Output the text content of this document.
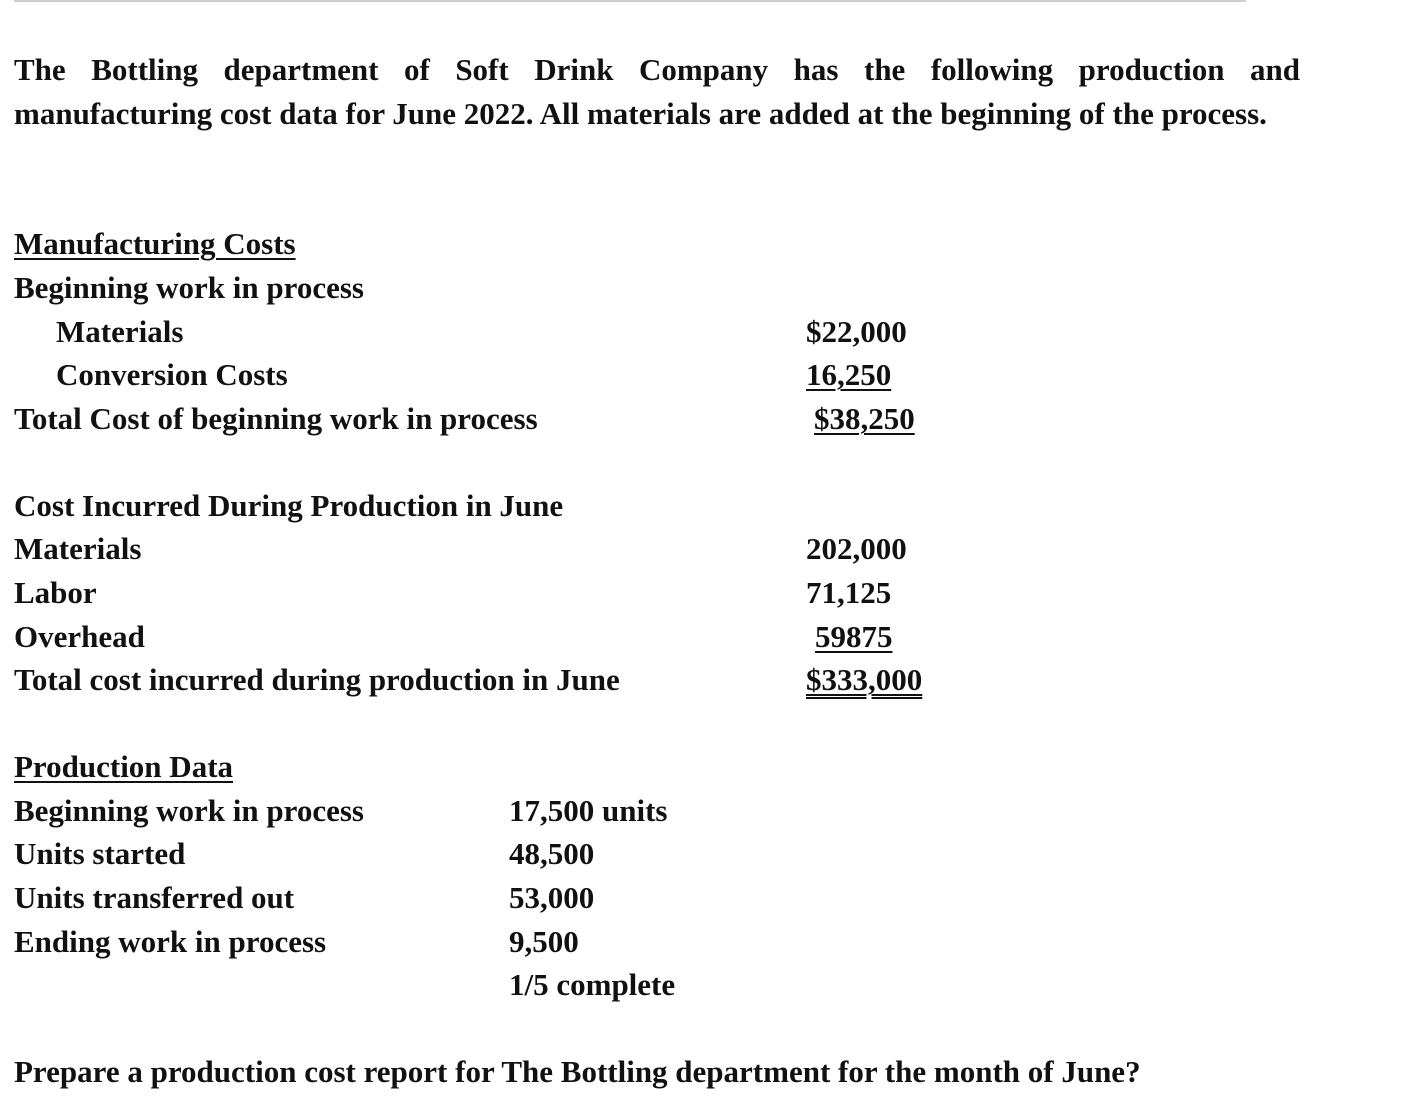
The Bottling department of Soft Drink Company has the following production and manufacturing cost data for June 2022. All materials are added at the beginning of the process.

Manufacturing Costs
Beginning work in process
Materials	$22,000
Conversion Costs	16,250
Total Cost of beginning work in process	$38,250
Cost Incurred During Production in June
Materials	202,000
Labor	71,125
Overhead	59875
Total cost incurred during production in June	$333,000
Production Data
Beginning work in process	17,500 units
Units started	48,500
Units transferred out	53,000
Ending work in process	9,500
1/5 complete
Prepare a production cost report for The Bottling department for the month of June?
